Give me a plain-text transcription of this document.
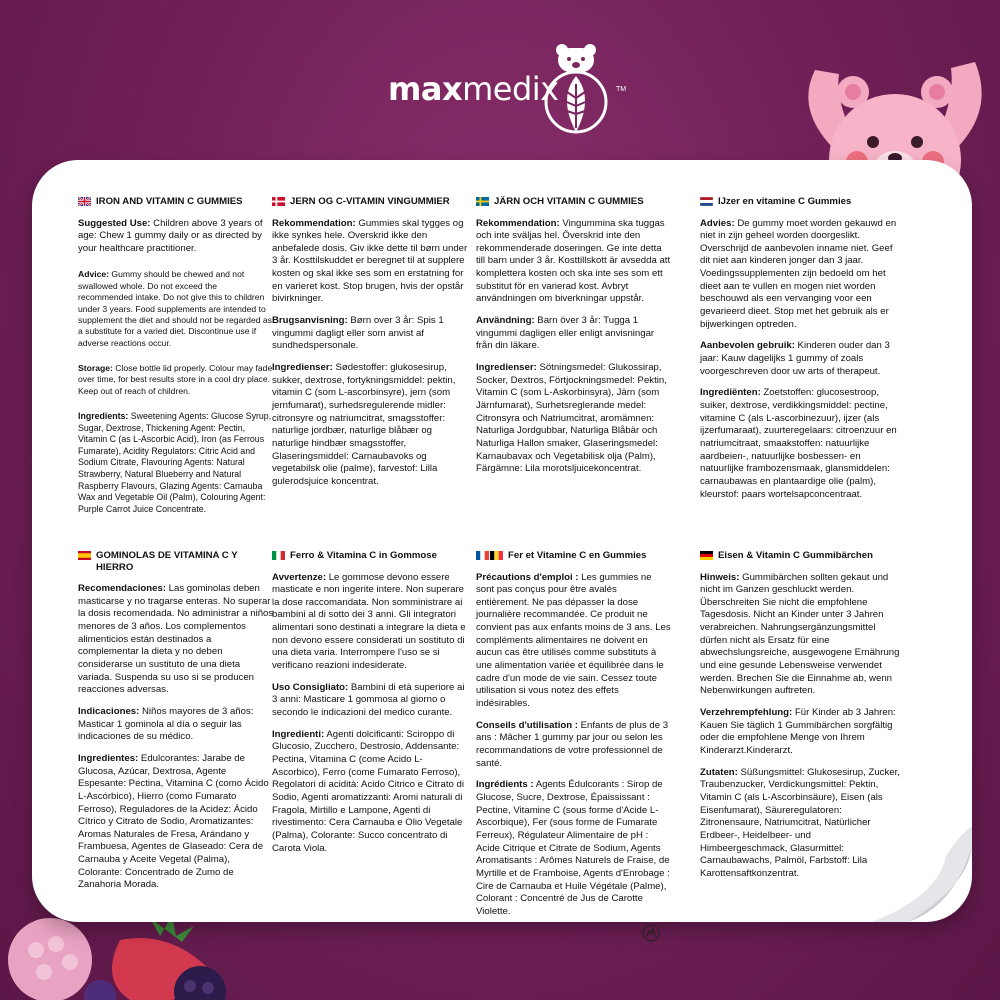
maxmedix	TM
IRON AND VITAMIN C GUMMIES

Suggested Use: Children above 3 years of age: Chew 1 gummy daily or as directed by your healthcare practitioner.

Advice: Gummy should be chewed and not swallowed whole. Do not exceed the recommended intake. Do not give this to children under 3 years. Food supplements are intended to supplement the diet and should not be regarded as a substitute for a varied diet. Discontinue use if adverse reactions occur.

Storage: Close bottle lid properly. Colour may fade over time, for best results store in a cool dry place. Keep out of reach of children.

Ingredients: Sweetening Agents: Glucose Syrup, Sugar, Dextrose, Thickening Agent: Pectin, Vitamin C (as L-Ascorbic Acid), Iron (as Ferrous Fumarate), Acidity Regulators: Citric Acid and Sodium Citrate, Flavouring Agents: Natural Strawberry, Natural Blueberry and Natural Raspberry Flavours, Glazing Agents: Carnauba Wax and Vegetable Oil (Palm), Colouring Agent: Purple Carrot Juice Concentrate.

JERN OG C-VITAMIN VINGUMMIER

Rekommendation: Gummies skal tygges og ikke synkes hele. Overskrid ikke den anbefalede dosis. Giv ikke dette til børn under 3 år. Kosttilskuddet er beregnet til at supplere kosten og skal ikke ses som en erstatning for en varieret kost. Stop brugen, hvis der opstår bivirkninger.

Brugsanvisning: Børn over 3 år: Spis 1 vingummi dagligt eller som anvist af sundhedspersonale.

Ingredienser: Sødestoffer: glukosesirup, sukker, dextrose, fortykningsmiddel: pektin, vitamin C (som L-ascorbinsyre), jern (som jernfumarat), surhedsregulerende midler: citronsyre og natriumcitrat, smagsstoffer: naturlige jordbær, naturlige blåbær og naturlige hindbær smagsstoffer, Glaseringsmiddel: Carnaubavoks og vegetabilsk olie (palme), farvestof: Lilla gulerodsjuice koncentrat.

JÄRN OCH VITAMIN C GUMMIES

Rekommendation: Vingummina ska tuggas och inte sväljas hel. Överskrid inte den rekommenderade doseringen. Ge inte detta till barn under 3 år. Kosttillskott är avsedda att komplettera kosten och ska inte ses som ett substitut för en varierad kost. Avbryt användningen om biverkningar uppstår.

Användning: Barn över 3 år: Tugga 1 vingummi dagligen eller enligt anvisningar från din läkare.

Ingredienser: Sötningsmedel: Glukossirap, Socker, Dextros, Förtjockningsmedel: Pektin, Vitamin C (som L-Askorbinsyra), Järn (som Järnfumarat), Surhetsreglerande medel: Citronsyra och Natriumcitrat, aromämnen: Naturliga Jordgubbar, Naturliga Blåbär och Naturliga Hallon smaker, Glaseringsmedel: Karnaubavax och Vegetabilisk olja (Palm), Färgämne: Lila morotsljuicekoncentrat.

IJzer en vitamine C Gummies

Advies: De gummy moet worden gekauwd en niet in zijn geheel worden doorgeslikt. Overschrijd de aanbevolen inname niet. Geef dit niet aan kinderen jonger dan 3 jaar. Voedingssupplementen zijn bedoeld om het dieet aan te vullen en mogen niet worden beschouwd als een vervanging voor een gevarieerd dieet. Stop met het gebruik als er bijwerkingen optreden.

Aanbevolen gebruik: Kinderen ouder dan 3 jaar: Kauw dagelijks 1 gummy of zoals voorgeschreven door uw arts of therapeut.

Ingrediënten: Zoetstoffen: glucosestroop, suiker, dextrose, verdikkingsmiddel: pectine, vitamine C (als L-ascorbinezuur), ijzer (als ijzerfumaraat), zuurteregelaars: citroenzuur en natriumcitraat, smaakstoffen: natuurlijke aardbeien-, natuurlijke bosbessen- en natuurlijke frambozensmaak, glansmiddelen: carnaubawas en plantaardige olie (palm), kleurstof: paars wortelsapconcentraat.

GOMINOLAS DE VITAMINA C Y HIERRO

Recomendaciones: Las gominolas deben masticarse y no tragarse enteras. No superar la dosis recomendada. No administrar a niños menores de 3 años. Los complementos alimenticios están destinados a complementar la dieta y no deben considerarse un sustituto de una dieta variada. Suspenda su uso si se producen reacciones adversas.

Indicaciones: Niños mayores de 3 años: Masticar 1 gominola al día o seguir las indicaciones de su médico.

Ingredientes: Edulcorantes: Jarabe de Glucosa, Azúcar, Dextrosa, Agente Espesante: Pectina, Vitamina C (como Ácido L-Ascórbico), Hierro (como Fumarato Ferroso), Reguladores de la Acidez: Ácido Cítrico y Citrato de Sodio, Aromatizantes: Aromas Naturales de Fresa, Arándano y Frambuesa, Agentes de Glaseado: Cera de Carnauba y Aceite Vegetal (Palma), Colorante: Concentrado de Zumo de Zanahoria Morada.

Ferro & Vitamina C in Gommose

Avvertenze: Le gommose devono essere masticate e non ingerite intere. Non superare la dose raccomandata. Non somministrare ai bambini al di sotto dei 3 anni. Gli integratori alimentari sono destinati a integrare la dieta e non devono essere considerati un sostituto di una dieta varia. Interrompere l'uso se si verificano reazioni indesiderate.

Uso Consigliato: Bambini di età superiore ai 3 anni: Masticare 1 gommosa al giorno o secondo le indicazioni del medico curante.

Ingredienti: Agenti dolcificanti: Sciroppo di Glucosio, Zucchero, Destrosio, Addensante: Pectina, Vitamina C (come Acido L-Ascorbico), Ferro (come Fumarato Ferroso), Regolatori di acidità: Acido Citrico e Citrato di Sodio, Agenti aromatizzanti: Aromi naturali di Fragola, Mirtillo e Lampone, Agenti di rivestimento: Cera Carnauba e Olio Vegetale (Palma), Colorante: Succo concentrato di Carota Viola.

Fer et Vitamine C en Gummies

Précautions d'emploi : Les gummies ne sont pas conçus pour être avalés entièrement. Ne pas dépasser la dose journalière recommandée. Ce produit ne convient pas aux enfants moins de 3 ans. Les compléments alimentaires ne doivent en aucun cas être utilisés comme substituts à une alimentation variée et équilibrée dans le cadre d'un mode de vie sain. Cessez toute utilisation si vous notez des effets indésirables.

Conseils d'utilisation : Enfants de plus de 3 ans : Mâcher 1 gummy par jour ou selon les recommandations de votre professionnel de santé.

Ingrédients : Agents Édulcorants : Sirop de Glucose, Sucre, Dextrose, Épaississant : Pectine, Vitamine C (sous forme d'Acide L-Ascorbique), Fer (sous forme de Fumarate Ferreux), Régulateur Alimentaire de pH : Acide Citrique et Citrate de Sodium, Agents Aromatisants : Arômes Naturels de Fraise, de Myrtille et de Framboise, Agents d'Enrobage : Cire de Carnauba et Huile Végétale (Palme), Colorant : Concentré de Jus de Carotte Violette.

Eisen & Vitamin C Gummibärchen

Hinweis: Gummibärchen sollten gekaut und nicht im Ganzen geschluckt werden. Überschreiten Sie nicht die empfohlene Tagesdosis. Nicht an Kinder unter 3 Jahren verabreichen. Nahrungsergänzungsmittel dürfen nicht als Ersatz für eine abwechslungsreiche, ausgewogene Ernährung und eine gesunde Lebensweise verwendet werden. Brechen Sie die Einnahme ab, wenn Nebenwirkungen auftreten.

Verzehrempfehlung: Für Kinder ab 3 Jahren: Kauen Sie täglich 1 Gummibärchen sorgfältig oder die empfohlene Menge von Ihrem Kinderarzt.Kinderarzt.

Zutaten: Süßungsmittel: Glukosesirup, Zucker, Traubenzucker, Verdickungsmittel: Pektin, Vitamin C (als L-Ascorbinsäure), Eisen (als Eisenfumarat), Säureregulatoren: Zitronensaure, Natriumcitrat, Natürlicher Erdbeer-, Heidelbeer- und Himbeergeschmack, Glasurmittel: Carnaubawachs, Palmöl, Farbstoff: Lila Karottensaftkonzentrat.
